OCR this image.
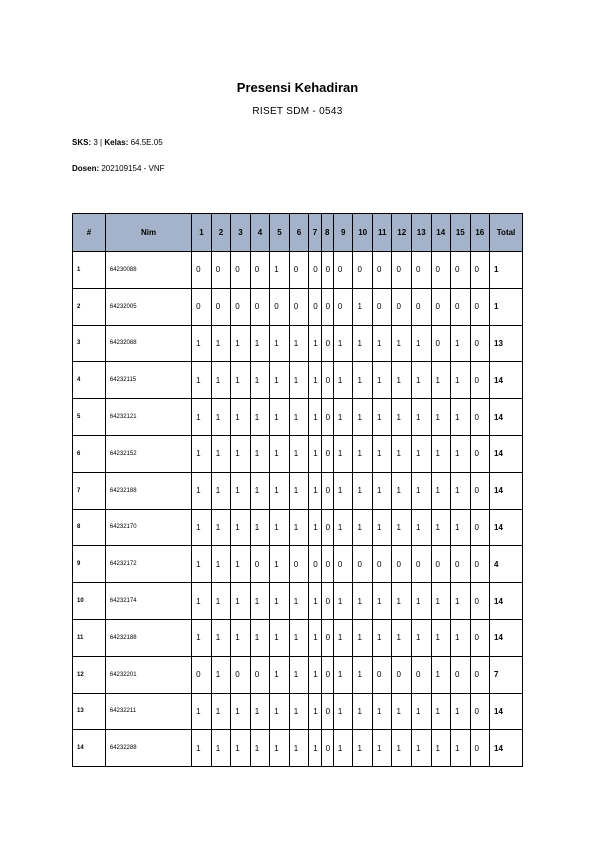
Presensi Kehadiran
RISET SDM - 0543
SKS: 3 | Kelas: 64.5E.05
Dosen: 202109154 - VNF
#	Nim	1	2	3	4	5	6	7	8	9	10	11	12	13	14	15	16	Total
1	64230088	0	0	0	0	1	0	0	0	0	0	0	0	0	0	0	0	1
2	64232005	0	0	0	0	0	0	0	0	0	1	0	0	0	0	0	0	1
3	64232088	1	1	1	1	1	1	1	0	1	1	1	1	1	0	1	0	13
4	64232115	1	1	1	1	1	1	1	0	1	1	1	1	1	1	1	0	14
5	64232121	1	1	1	1	1	1	1	0	1	1	1	1	1	1	1	0	14
6	64232152	1	1	1	1	1	1	1	0	1	1	1	1	1	1	1	0	14
7	64232188	1	1	1	1	1	1	1	0	1	1	1	1	1	1	1	0	14
8	64232170	1	1	1	1	1	1	1	0	1	1	1	1	1	1	1	0	14
9	64232172	1	1	1	0	1	0	0	0	0	0	0	0	0	0	0	0	4
10	64232174	1	1	1	1	1	1	1	0	1	1	1	1	1	1	1	0	14
11	64232188	1	1	1	1	1	1	1	0	1	1	1	1	1	1	1	0	14
12	64232201	0	1	0	0	1	1	1	0	1	1	0	0	0	1	0	0	7
13	64232211	1	1	1	1	1	1	1	0	1	1	1	1	1	1	1	0	14
14	64232288	1	1	1	1	1	1	1	0	1	1	1	1	1	1	1	0	14
